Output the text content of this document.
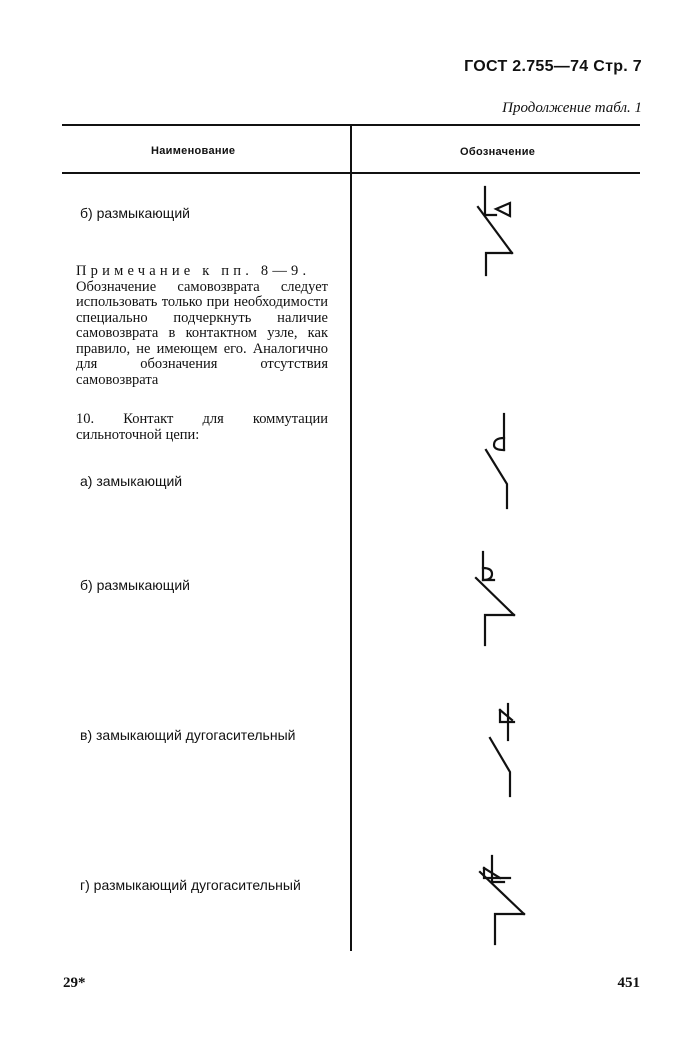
ГОСТ 2.755—74 Стр. 7
Продолжение табл. 1
Наименование	Обозначение
б) размыкающий
Примечание к пп. 8—9.
Обозначение самовозврата следует использовать только при необходимости специально подчеркнуть наличие самовозврата в контактном узле, как правило, не имеющем его. Аналогично для обозначения отсутствия самовозврата
10. Контакт для коммутации сильноточной цепи:
а) замыкающий
б) размыкающий
в) замыкающий дугогасительный
г) размыкающий дугогасительный
29*	451
